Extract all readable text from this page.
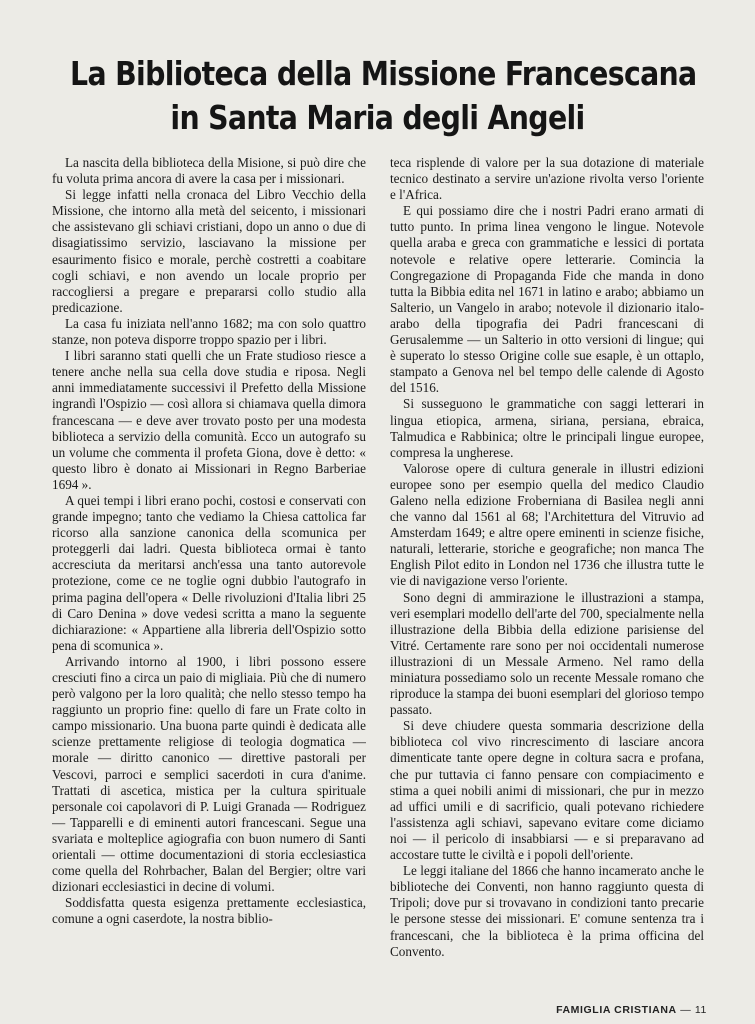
La Biblioteca della Missione Francescana
in Santa Maria degli Angeli

La nascita della biblioteca della Misione, si può dire che fu voluta prima ancora di avere la casa per i missionari.

Si legge infatti nella cronaca del Libro Vecchio della Missione, che intorno alla metà del seicento, i missionari che assistevano gli schiavi cristiani, dopo un anno o due di disagiatissimo servizio, lasciavano la missione per esaurimento fisico e morale, perchè costretti a coabitare cogli schiavi, e non avendo un locale proprio per raccogliersi a pregare e prepararsi collo studio alla predicazione.

La casa fu iniziata nell'anno 1682; ma con solo quattro stanze, non poteva disporre troppo spazio per i libri.

I libri saranno stati quelli che un Frate studioso riesce a tenere anche nella sua cella dove studia e riposa. Negli anni immediatamente successivi il Prefetto della Missione ingrandì l'Ospizio — così allora si chiamava quella dimora francescana — e deve aver trovato posto per una modesta biblioteca a servizio della comunità. Ecco un autografo su un volume che commenta il profeta Giona, dove è detto: « questo libro è donato ai Missionari in Regno Barberiae 1694 ».

A quei tempi i libri erano pochi, costosi e conservati con grande impegno; tanto che vediamo la Chiesa cattolica far ricorso alla sanzione canonica della scomunica per proteggerli dai ladri. Questa biblioteca ormai è tanto accresciuta da meritarsi anch'essa una tanto autorevole protezione, come ce ne toglie ogni dubbio l'autografo in prima pagina dell'opera « Delle rivoluzioni d'Italia libri 25 di Caro Denina » dove vedesi scritta a mano la seguente dichiarazione: « Appartiene alla libreria dell'Ospizio sotto pena di scomunica ».

Arrivando intorno al 1900, i libri possono essere cresciuti fino a circa un paio di migliaia. Più che di numero però valgono per la loro qualità; che nello stesso tempo ha raggiunto un proprio fine: quello di fare un Frate colto in campo missionario. Una buona parte quindi è dedicata alle scienze prettamente religiose di teologia dogmatica — morale — diritto canonico — direttive pastorali per Vescovi, parroci e semplici sacerdoti in cura d'anime. Trattati di ascetica, mistica per la cultura spirituale personale coi capolavori di P. Luigi Granada — Rodriguez — Tapparelli e di eminenti autori francescani. Segue una svariata e molteplice agiografia con buon numero di Santi orientali — ottime documentazioni di storia ecclesiastica come quella del Rohrbacher, Balan del Bergier; oltre vari dizionari ecclesiastici in decine di volumi.

Soddisfatta questa esigenza prettamente ecclesiastica, comune a ogni caserdote, la nostra biblio-

teca risplende di valore per la sua dotazione di materiale tecnico destinato a servire un'azione rivolta verso l'oriente e l'Africa.

E qui possiamo dire che i nostri Padri erano armati di tutto punto. In prima linea vengono le lingue. Notevole quella araba e greca con grammatiche e lessici di portata notevole e relative opere letterarie. Comincia la Congregazione di Propaganda Fide che manda in dono tutta la Bibbia edita nel 1671 in latino e arabo; abbiamo un Salterio, un Vangelo in arabo; notevole il dizionario italo-arabo della tipografia dei Padri francescani di Gerusalemme — un Salterio in otto versioni di lingue; qui è superato lo stesso Origine colle sue esaple, è un ottaplo, stampato a Genova nel bel tempo delle calende di Agosto del 1516.

Si susseguono le grammatiche con saggi letterari in lingua etiopica, armena, siriana, persiana, ebraica, Talmudica e Rabbinica; oltre le principali lingue europee, compresa la ungherese.

Valorose opere di cultura generale in illustri edizioni europee sono per esempio quella del medico Claudio Galeno nella edizione Froberniana di Basilea negli anni che vanno dal 1561 al 68; l'Architettura del Vitruvio ad Amsterdam 1649; e altre opere eminenti in scienze fisiche, naturali, letterarie, storiche e geografiche; non manca The English Pilot edito in London nel 1736 che illustra tutte le vie di navigazione verso l'oriente.

Sono degni di ammirazione le illustrazioni a stampa, veri esemplari modello dell'arte del 700, specialmente nella illustrazione della Bibbia della edizione parisiense del Vitré. Certamente rare sono per noi occidentali numerose illustrazioni di un Messale Armeno. Nel ramo della miniatura possediamo solo un recente Messale romano che riproduce la stampa dei buoni esemplari del glorioso tempo passato.

Si deve chiudere questa sommaria descrizione della biblioteca col vivo rincrescimento di lasciare ancora dimenticate tante opere degne in coltura sacra e profana, che pur tuttavia ci fanno pensare con compiacimento e stima a quei nobili animi di missionari, che pur in mezzo ad uffici umili e di sacrificio, quali potevano richiedere l'assistenza agli schiavi, sapevano evitare come diciamo noi — il pericolo di insabbiarsi — e si preparavano ad accostare tutte le civiltà e i popoli dell'oriente.

Le leggi italiane del 1866 che hanno incamerato anche le biblioteche dei Conventi, non hanno raggiunto questa di Tripoli; dove pur si trovavano in condizioni tanto precarie le persone stesse dei missionari. E' comune sentenza tra i francescani, che la biblioteca è la prima officina del Convento.

FAMIGLIA CRISTIANA — 11
